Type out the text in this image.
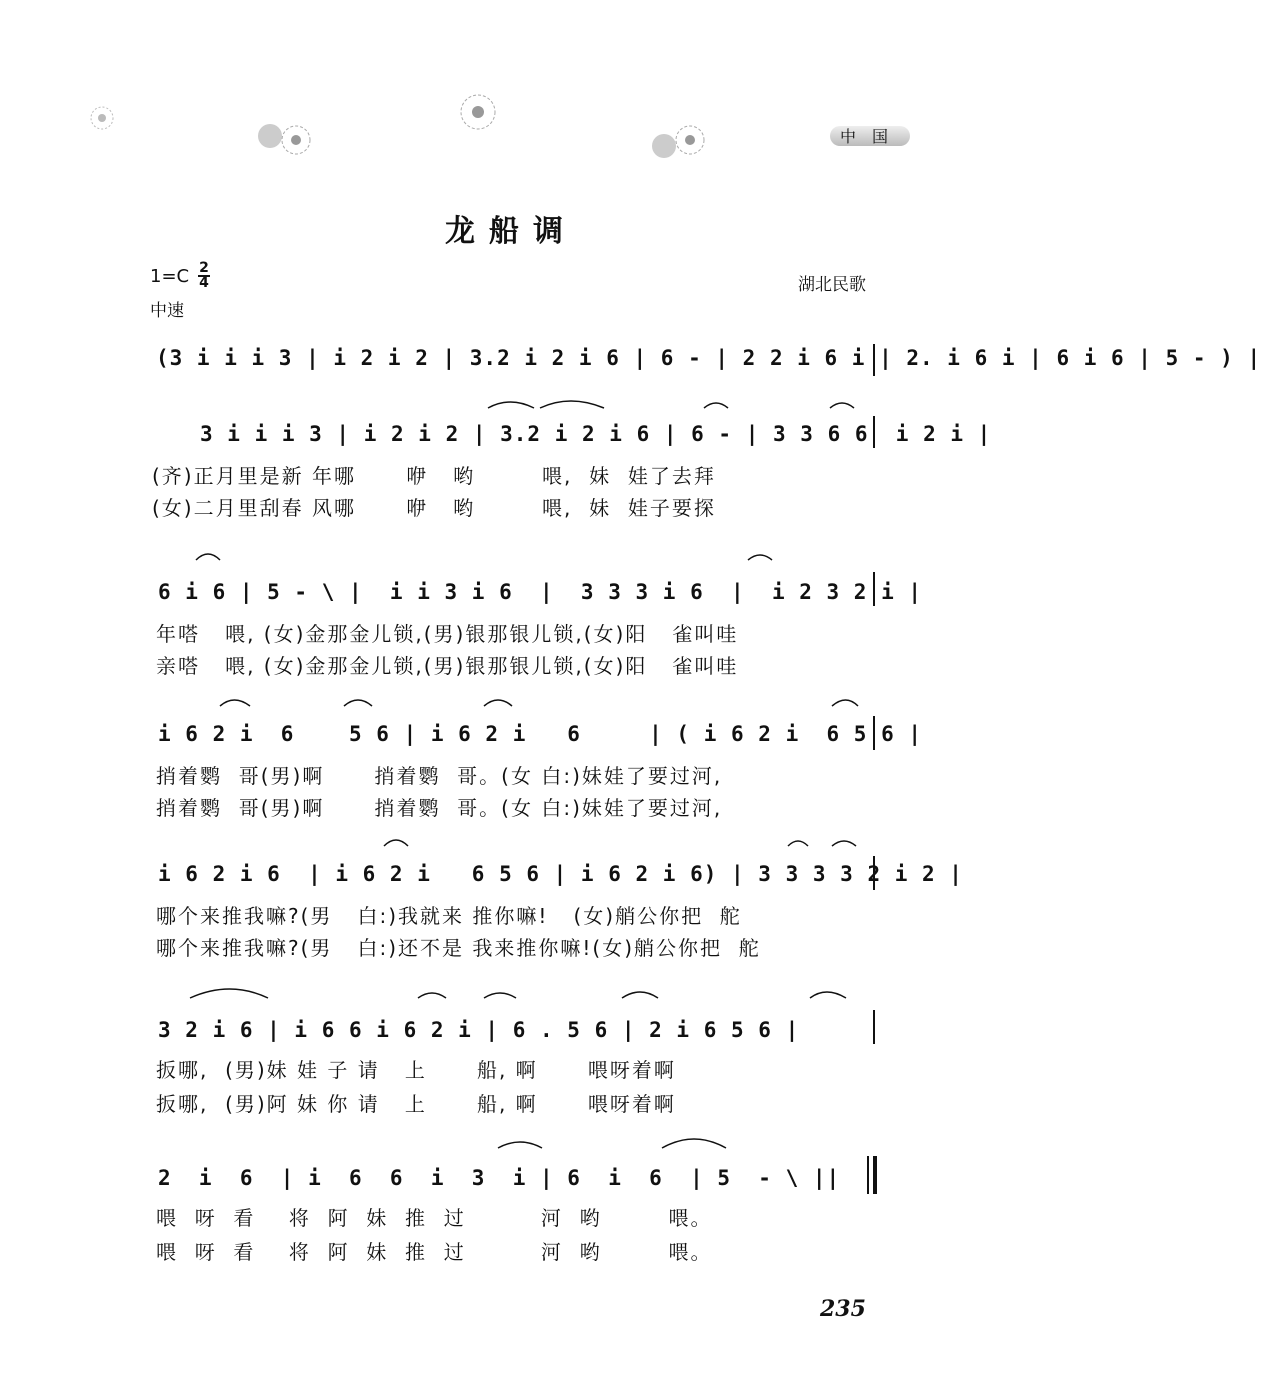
中国
龙船调
1=C 2
4
中速
湖北民歌
(3 i i i 3 | i 2 i 2 | 3.2 i 2 i 6 | 6 - | 2 2 i 6 i | 2. i 6 i | 6 i 6 | 5 - ) |
3 i i i 3 | i 2 i 2 | 3.2 i 2 i 6 | 6 - | 3 3 6 6  i 2 i |
(齐)正月里是新 年哪      咿   哟        喂,  妹  娃了去拜
(女)二月里刮春 风哪      咿   哟        喂,  妹  娃子要探
6 i 6 | 5 - \ |  i i 3 i 6  |  3 3 3 i 6  |  i 2 3 2 i |
年嗒   喂, (女)金那金儿锁,(男)银那银儿锁,(女)阳   雀叫哇
亲嗒   喂, (女)金那金儿锁,(男)银那银儿锁,(女)阳   雀叫哇
i 6 2 i  6    5 6 | i 6 2 i   6     | ( i 6 2 i  6 5 6 |
捎着鹦  哥(男)啊      捎着鹦  哥。(女 白:)妹娃了要过河,
捎着鹦  哥(男)啊      捎着鹦  哥。(女 白:)妹娃了要过河,
i 6 2 i 6  | i 6 2 i   6 5 6 | i 6 2 i 6) | 3 3 3 3 2 i 2 |
哪个来推我嘛?(男   白:)我就来 推你嘛!   (女)艄公你把  舵
哪个来推我嘛?(男   白:)还不是 我来推你嘛!(女)艄公你把  舵
3 2 i 6 | i 6 6 i 6 2 i | 6 . 5 6 | 2 i 6 5 6 |
扳哪,  (男)妹 娃 子 请   上      船, 啊      喂呀着啊
扳哪,  (男)阿 妹 你 请   上      船, 啊      喂呀着啊
2  i  6  | i  6  6  i  3  i | 6  i  6  | 5  - \ ||
喂  呀  看    将  阿  妹  推  过         河  哟        喂。
喂  呀  看    将  阿  妹  推  过         河  哟        喂。
235
